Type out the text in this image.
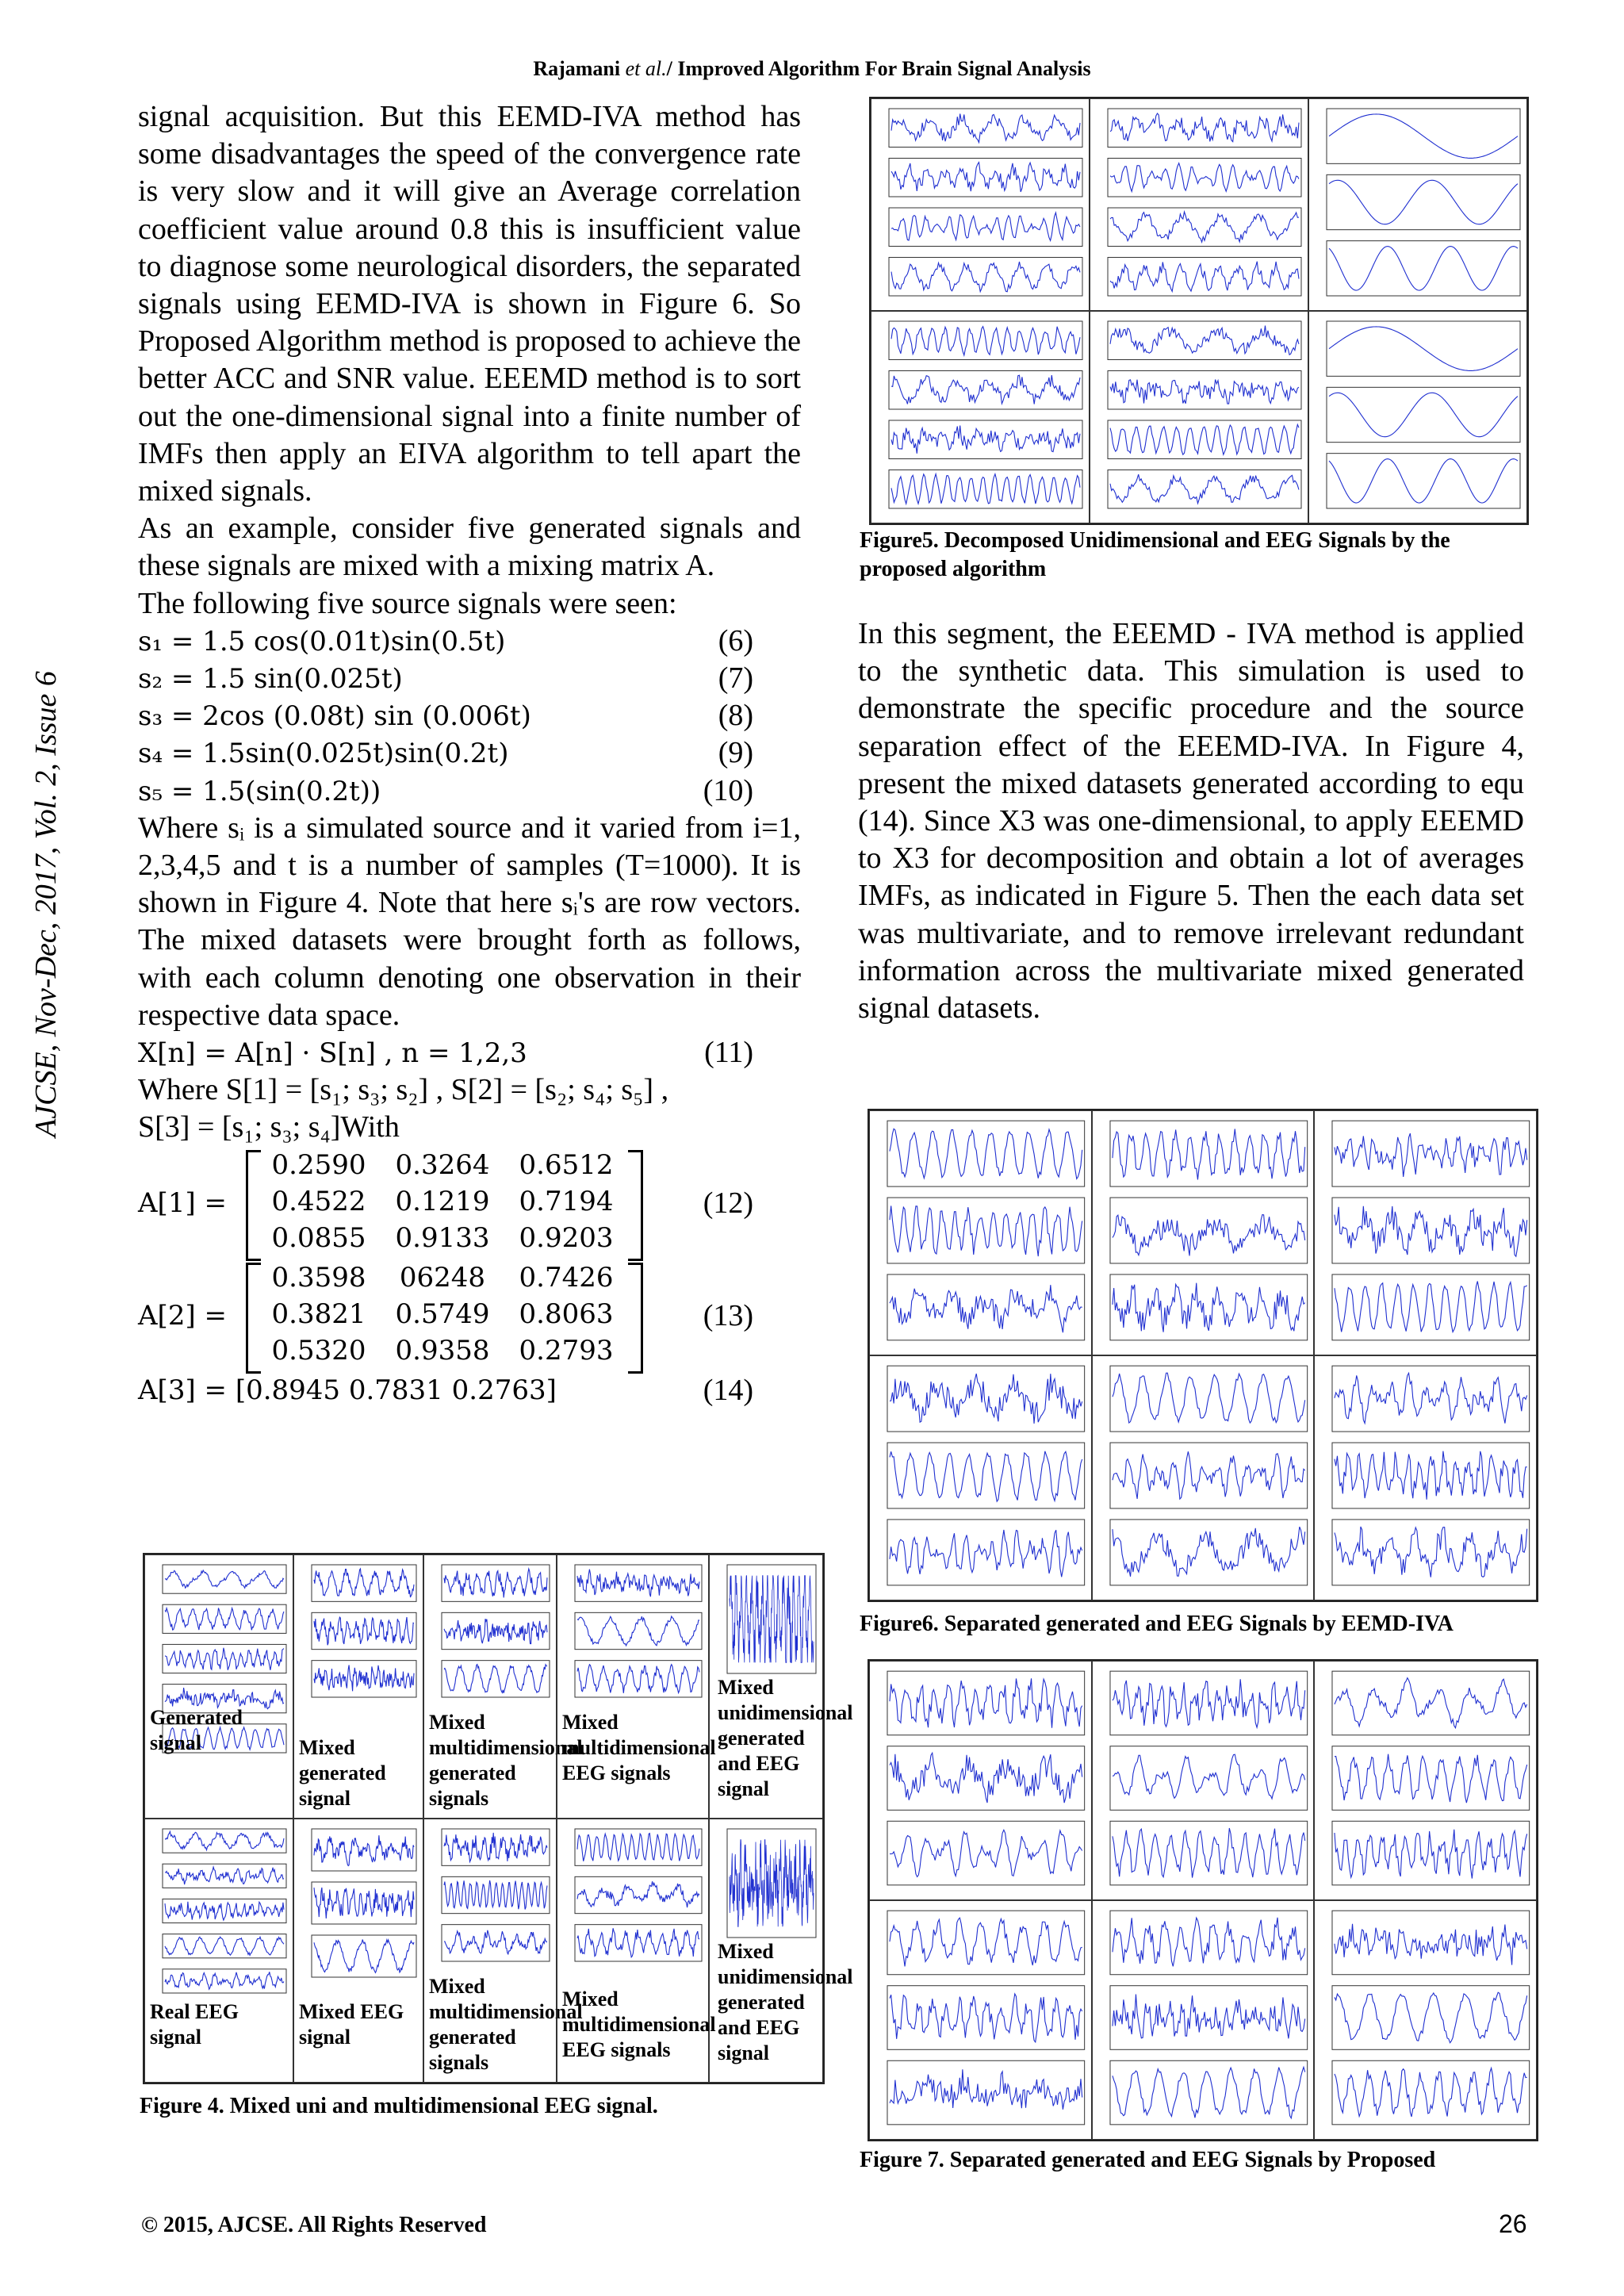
Rajamani et al./ Improved Algorithm For Brain Signal Analysis
AJCSE, Nov-Dec, 2017, Vol. 2, Issue 6

signal acquisition. But this EEMD-IVA method has some disadvantages the speed of the convergence rate is very slow and it will give an Average correlation coefficient value around 0.8 this is insufficient value to diagnose some neurological disorders, the separated signals using EEMD-IVA is shown in Figure 6. So Proposed Algorithm method is proposed to achieve the better ACC and SNR value. EEEMD method is to sort out the one-dimensional signal into a finite number of IMFs then apply an EIVA algorithm to tell apart the mixed signals.

As an example, consider five generated signals and these signals are mixed with a mixing matrix A.

The following five source signals were seen:

s₁ = 1.5 cos(0.01t)sin(0.5t)	(6)
s₂ = 1.5 sin(0.025t)	(7)
s₃ = 2cos (0.08t) sin (0.006t)	(8)
s₄ = 1.5sin(0.025t)sin(0.2t)	(9)
s₅ = 1.5(sin(0.2t))	(10)

Where sᵢ is a simulated source and it varied from i=1, 2,3,4,5 and t is a number of samples (T=1000). It is shown in Figure 4. Note that here sᵢ's are row vectors. The mixed datasets were brought forth as follows, with each column denoting one observation in their respective data space.

X[n] = A[n] · S[n] , n = 1,2,3	(11)
Where S[1] = [s₁; s₃; s₂] , S[2] = [s₂; s₄; s₅] ,
S[3] = [s₁; s₃; s₄]With
A[1] =
0.2590	0.3264	0.6512
0.4522	0.1219	0.7194
0.0855	0.9133	0.9203
(12)
A[2] =
0.3598	06248	0.7426
0.3821	0.5749	0.8063
0.5320	0.9358	0.2793
(13)
A[3] = [0.8945 0.7831 0.2763]	(14)
Generated signal	Mixed generated signal
Mixed multidimensional generated signals
Mixed multidimensional EEG signals
Mixed unidimensional generated and EEG signal
Real EEG signal
Mixed EEG signal
Mixed multidimensional generated signals
Mixed multidimensional EEG signals
Mixed unidimensional generated and EEG signal
Figure 4. Mixed uni and multidimensional EEG signal.
Figure5. Decomposed Unidimensional and EEG Signals by the proposed algorithm

In this segment, the EEEMD - IVA method is applied to the synthetic data. This simulation is used to demonstrate the specific procedure and the source separation effect of the EEEMD-IVA. In Figure 4, present the mixed datasets generated according to equ (14). Since X3 was one-dimensional, to apply EEEMD to X3 for decomposition and obtain a lot of averages IMFs, as indicated in Figure 5. Then the each data set was multivariate, and to remove irrelevant redundant information across the multivariate mixed generated signal datasets.

Figure6. Separated generated and EEG Signals by EEMD-IVA
Figure 7. Separated generated and EEG Signals by Proposed
© 2015, AJCSE. All Rights Reserved	26
